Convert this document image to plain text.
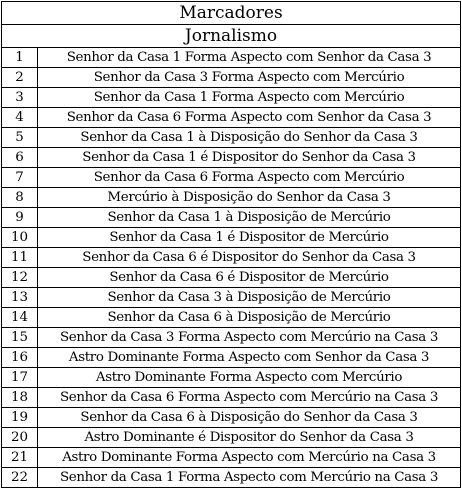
Marcadores	
Jornalismo	
1	Senhor da Casa 1 Forma Aspecto com Senhor da Casa 3
2	Senhor da Casa 3 Forma Aspecto com Mercúrio
3	Senhor da Casa 1 Forma Aspecto com Mercúrio
4	Senhor da Casa 6 Forma Aspecto com Senhor da Casa 3
5	Senhor da Casa 1 à Disposição do Senhor da Casa 3
6	Senhor da Casa 1 é Dispositor do Senhor da Casa 3
7	Senhor da Casa 6 Forma Aspecto com Mercúrio
8	Mercúrio à Disposição do Senhor da Casa 3
9	Senhor da Casa 1 à Disposição de Mercúrio
10	Senhor da Casa 1 é Dispositor de Mercúrio
11	Senhor da Casa 6 é Dispositor do Senhor da Casa 3
12	Senhor da Casa 6 é Dispositor de Mercúrio
13	Senhor da Casa 3 à Disposição de Mercúrio
14	Senhor da Casa 6 à Disposição de Mercúrio
15	Senhor da Casa 3 Forma Aspecto com Mercúrio na Casa 3
16	Astro Dominante Forma Aspecto com Senhor da Casa 3
17	Astro Dominante Forma Aspecto com Mercúrio
18	Senhor da Casa 6 Forma Aspecto com Mercúrio na Casa 3
19	Senhor da Casa 6 à Disposição do Senhor da Casa 3
20	Astro Dominante é Dispositor do Senhor da Casa 3
21	Astro Dominante Forma Aspecto com Mercúrio na Casa 3
22	Senhor da Casa 1 Forma Aspecto com Mercúrio na Casa 3
